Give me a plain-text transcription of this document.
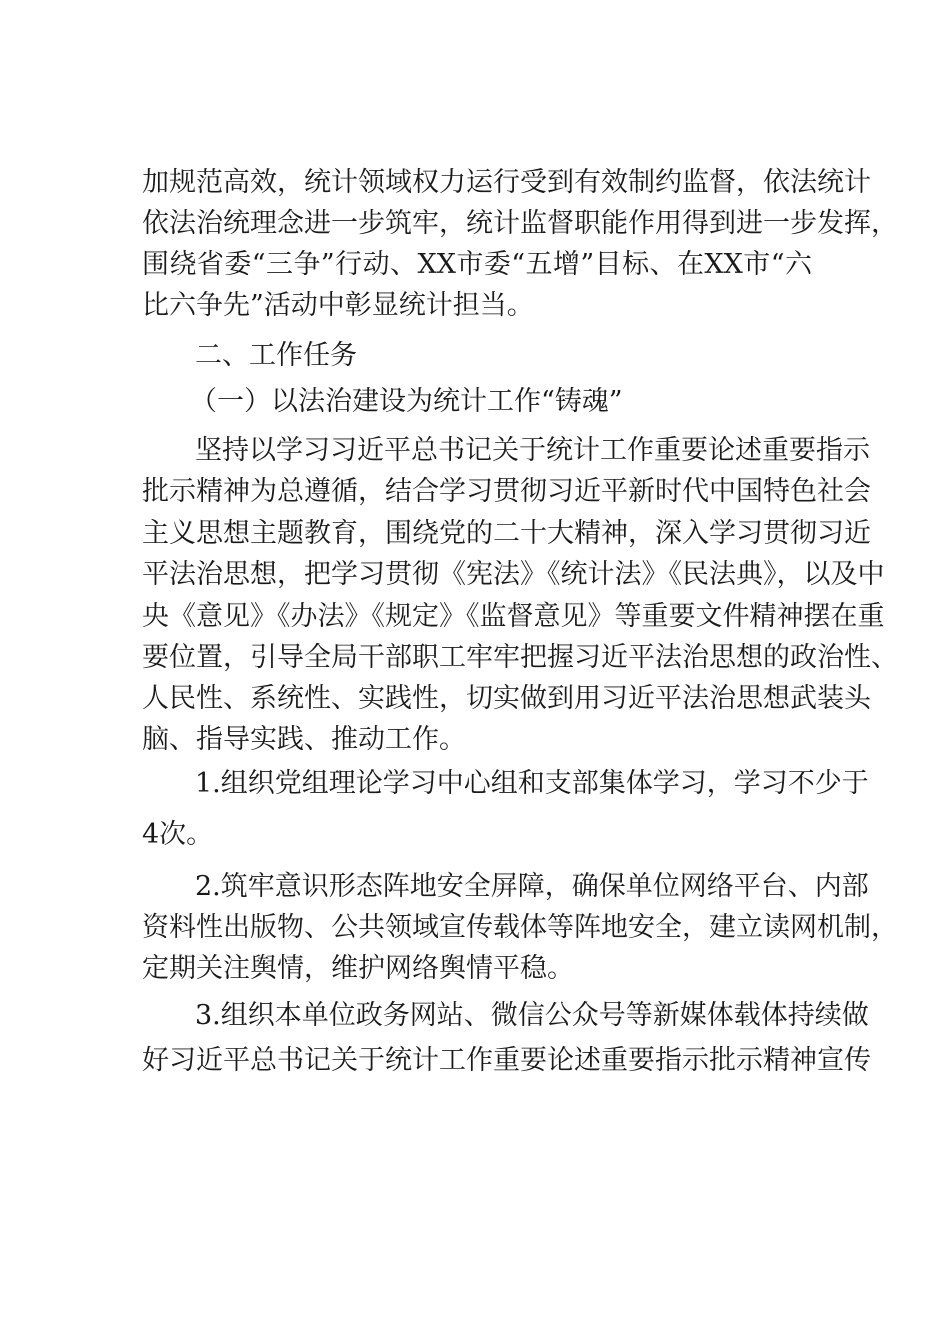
加规范高效，统计领域权力运行受到有效制约监督，依法统计
依法治统理念进一步筑牢，统计监督职能作用得到进一步发挥，
围绕省委“三争”行动、XX市委“五增”目标、在XX市“六
比六争先”活动中彰显统计担当。
二、工作任务
（一）以法治建设为统计工作“铸魂”
坚持以学习习近平总书记关于统计工作重要论述重要指示
批示精神为总遵循，结合学习贯彻习近平新时代中国特色社会
主义思想主题教育，围绕党的二十大精神，深入学习贯彻习近
平法治思想，把学习贯彻《宪法》《统计法》《民法典》，以及中
央《意见》《办法》《规定》《监督意见》等重要文件精神摆在重
要位置，引导全局干部职工牢牢把握习近平法治思想的政治性、
人民性、系统性、实践性，切实做到用习近平法治思想武装头
脑、指导实践、推动工作。
1.组织党组理论学习中心组和支部集体学习，学习不少于
4次。
2.筑牢意识形态阵地安全屏障，确保单位网络平台、内部
资料性出版物、公共领域宣传载体等阵地安全，建立读网机制，
定期关注舆情，维护网络舆情平稳。
3.组织本单位政务网站、微信公众号等新媒体载体持续做
好习近平总书记关于统计工作重要论述重要指示批示精神宣传
